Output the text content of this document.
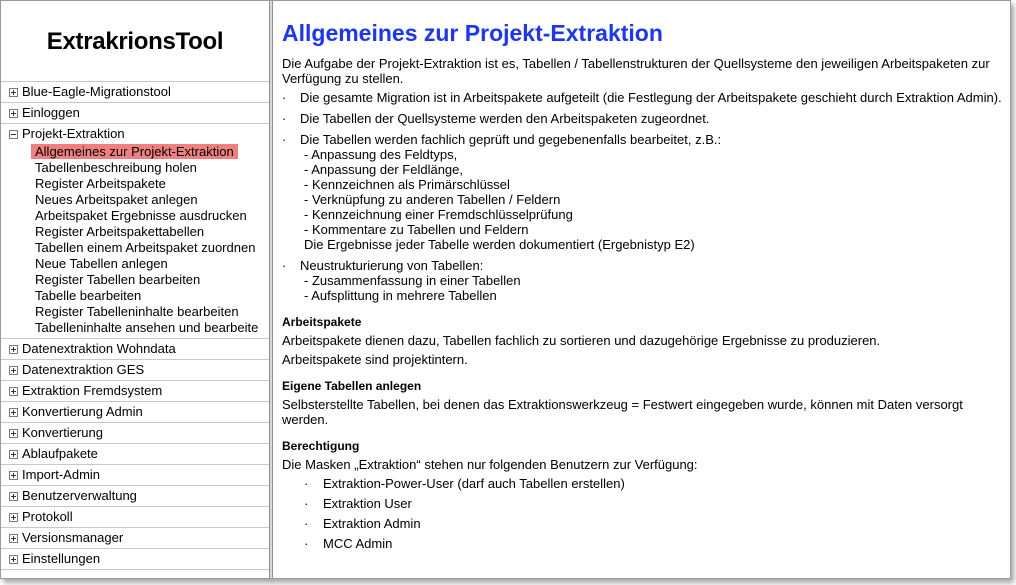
ExtrakrionsTool
Blue-Eagle-Migrationstool
Einloggen
Projekt-Extraktion
Allgemeines zur Projekt-Extraktion
Tabellenbeschreibung holen
Register Arbeitspakete
Neues Arbeitspaket anlegen
Arbeitspaket Ergebnisse ausdrucken
Register Arbeitspakettabellen
Tabellen einem Arbeitspaket zuordnen
Neue Tabellen anlegen
Register Tabellen bearbeiten
Tabelle bearbeiten
Register Tabelleninhalte bearbeiten
Tabelleninhalte ansehen und bearbeite
Datenextraktion Wohndata
Datenextraktion GES
Extraktion Fremdsystem
Konvertierung Admin
Konvertierung
Ablaufpakete
Import-Admin
Benutzerverwaltung
Protokoll
Versionsmanager
Einstellungen
Allgemeines zur Projekt-Extraktion

Die Aufgabe der Projekt-Extraktion ist es, Tabellen / Tabellenstrukturen der Quellsysteme den jeweiligen Arbeitspaketen zur Verfügung zu stellen.

· Die gesamte Migration ist in Arbeitspakete aufgeteilt (die Festlegung der Arbeitspakete geschieht durch Extraktion Admin).
· Die Tabellen der Quellsysteme werden den Arbeitspaketen zugeordnet.
· Die Tabellen werden fachlich geprüft und gegebenenfalls bearbeitet, z.B.:
- Anpassung des Feldtyps,
- Anpassung der Feldlänge,
- Kennzeichnen als Primärschlüssel
- Verknüpfung zu anderen Tabellen / Feldern
- Kennzeichnung einer Fremdschlüsselprüfung
- Kommentare zu Tabellen und Feldern
Die Ergebnisse jeder Tabelle werden dokumentiert (Ergebnistyp E2)
· Neustrukturierung von Tabellen:
- Zusammenfassung in einer Tabellen
- Aufsplittung in mehrere Tabellen
Arbeitspakete

Arbeitspakete dienen dazu, Tabellen fachlich zu sortieren und dazugehörige Ergebnisse zu produzieren.

Arbeitspakete sind projektintern.

Eigene Tabellen anlegen

Selbsterstellte Tabellen, bei denen das Extraktionswerkzeug = Festwert eingegeben wurde, können mit Daten versorgt werden.

Berechtigung

Die Masken „Extraktion“ stehen nur folgenden Benutzern zur Verfügung:

· Extraktion-Power-User (darf auch Tabellen erstellen)
· Extraktion User
· Extraktion Admin
· MCC Admin
